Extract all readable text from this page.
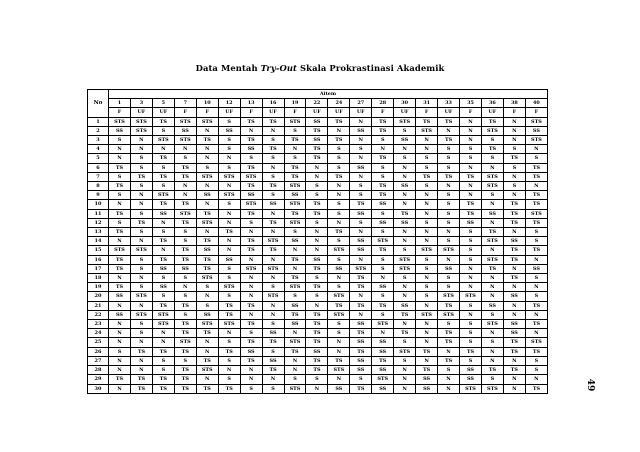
Data Mentah Try-Out Skala Prokrastinasi Akademik
No	Aitem																			
	1	3	5	7	10	12	13	16	19	22	24	27	28	30	31	33	35	36	38	40
	F	UF	UF	F	F	UF	F	UF	F	UF	UF	UF	F	UF	F	UF	F	UF	F	F
1	STS	STS	TS	STS	STS	S	TS	TS	STS	SS	TS	N	TS	STS	TS	TS	N	TS	N	STS
2	SS	STS	S	SS	N	SS	N	N	S	TS	N	SS	TS	S	STS	N	N	STS	N	SS
3	S	N	STS	STS	TS	S	TS	S	TS	SS	TS	N	S	SS	N	TS	N	S	N	STS
4	N	N	N	N	N	S	SS	TS	N	TS	S	S	N	N	N	S	S	TS	S	N
5	N	S	TS	S	N	N	S	S	S	TS	S	N	TS	S	S	S	S	S	TS	S
6	TS	S	S	TS	S	S	TS	N	TS	N	S	SS	S	N	S	S	N	N	S	TS
7	S	TS	TS	TS	STS	STS	STS	S	TS	N	TS	N	S	N	TS	TS	TS	STS	N	TS
8	TS	S	S	N	N	N	TS	TS	STS	S	N	S	TS	SS	S	N	N	STS	S	N
9	S	N	STS	N	SS	STS	SS	S	SS	S	N	S	TS	N	N	S	N	S	N	TS
10	N	N	TS	TS	N	S	STS	SS	STS	TS	S	TS	SS	N	N	S	TS	N	TS	TS
11	TS	S	SS	STS	TS	N	TS	N	TS	TS	S	SS	S	TS	N	S	TS	SS	TS	STS
12	S	TS	N	TS	STS	N	S	TS	STS	S	N	S	SS	SS	S	S	SS	N	TS	TS
13	TS	S	S	S	N	TS	N	N	S	N	TS	N	S	N	N	N	S	TS	N	S
14	N	N	TS	S	TS	N	TS	STS	SS	N	S	SS	STS	N	N	S	S	STS	SS	S
15	STS	STS	N	TS	SS	N	TS	TS	N	N	STS	SS	TS	S	STS	STS	S	N	TS	TS
16	TS	S	TS	TS	TS	SS	N	N	TS	SS	S	N	S	STS	S	N	S	STS	TS	N
17	TS	S	SS	SS	TS	S	STS	STS	N	TS	SS	STS	S	STS	S	SS	N	TS	N	SS
18	N	N	S	S	STS	S	N	N	TS	S	N	TS	N	S	N	S	N	N	TS	S
19	TS	S	SS	N	S	STS	N	S	STS	TS	S	TS	SS	N	S	S	N	N	N	N
20	SS	STS	S	S	N	S	N	STS	S	S	STS	N	S	N	S	STS	STS	N	SS	S
21	N	N	TS	TS	S	TS	TS	N	SS	N	TS	TS	TS	SS	N	TS	S	SS	N	TS
22	SS	STS	STS	S	SS	TS	N	N	TS	TS	STS	N	S	TS	STS	STS	N	S	N	N
23	N	S	STS	TS	STS	STS	TS	S	SS	TS	S	SS	STS	N	N	S	S	STS	SS	TS
24	N	S	N	TS	TS	N	S	SS	N	TS	S	TS	N	TS	N	TS	S	N	SS	N
25	N	N	N	STS	N	S	TS	TS	STS	TS	N	SS	SS	S	N	TS	S	S	TS	STS
26	S	TS	TS	TS	N	TS	SS	S	TS	SS	N	TS	SS	STS	TS	N	TS	N	TS	TS
27	N	N	S	S	TS	S	TS	SS	N	TS	TS	SS	TS	S	N	TS	S	N	N	S
28	N	N	S	TS	STS	N	N	TS	N	TS	STS	SS	SS	N	TS	S	SS	TS	TS	S
29	TS	TS	TS	TS	N	S	N	N	S	S	N	S	STS	N	SS	N	SS	S	N	N
30	N	TS	TS	TS	TS	TS	S	S	STS	N	SS	TS	SS	N	SS	N	STS	STS	N	TS	49
